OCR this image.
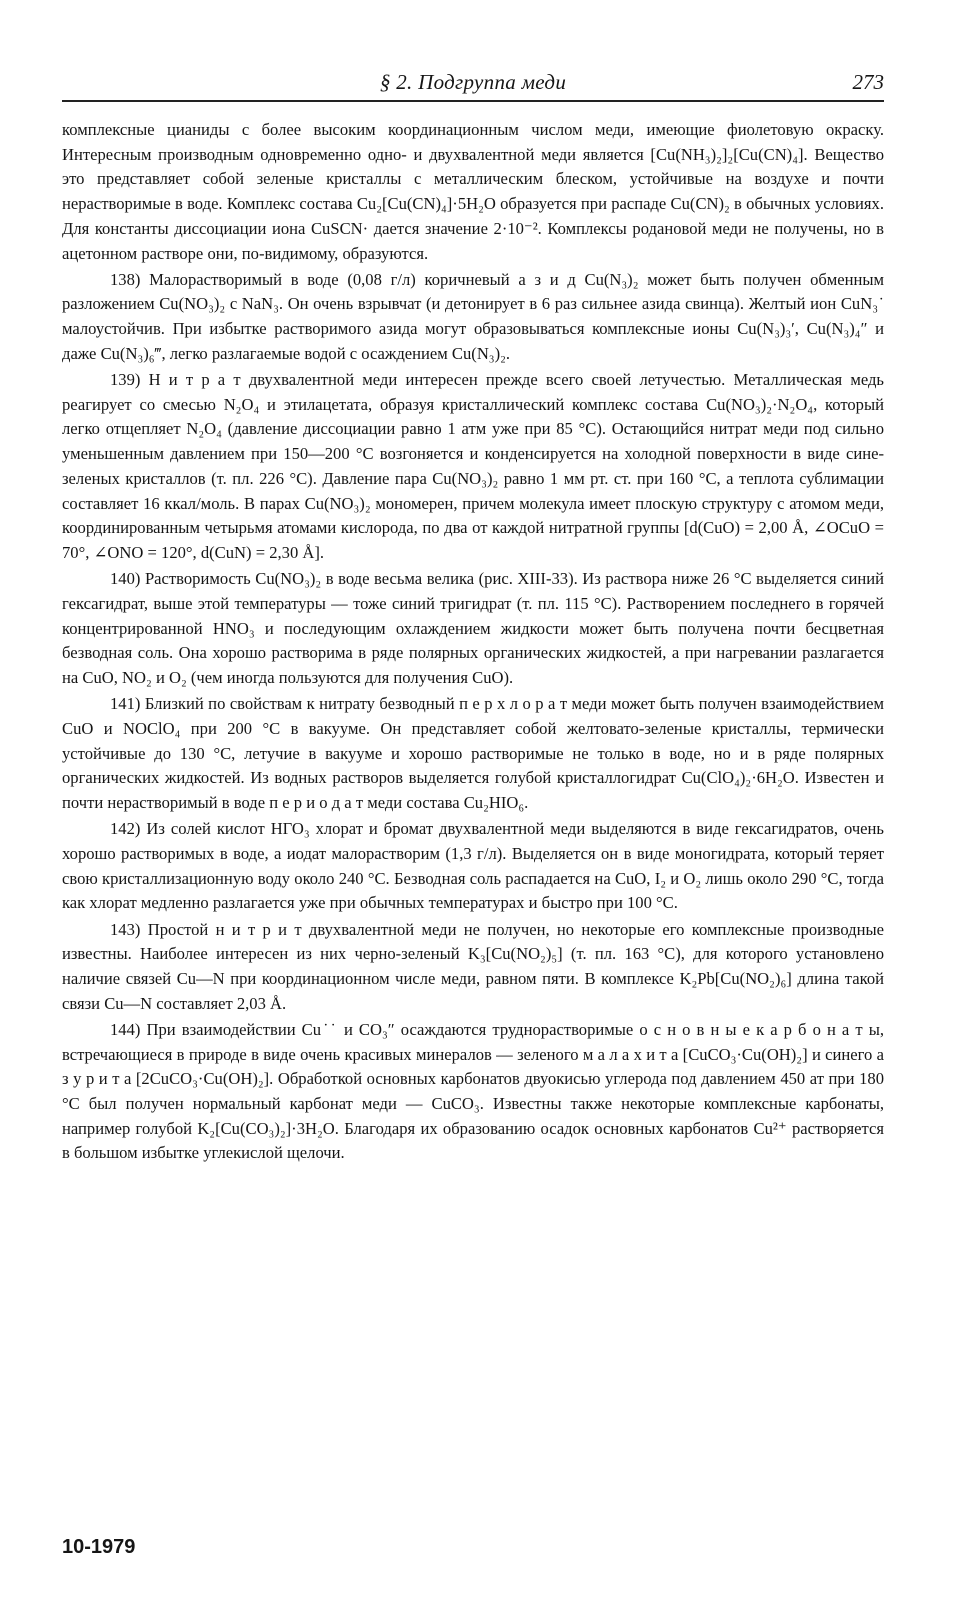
§ 2. Подгруппа меди	273

комплексные цианиды с более высоким координационным числом меди, имеющие фиолетовую окраску. Интересным производным одновременно одно- и двухвалентной меди является [Cu(NH₃)₂]₂[Cu(CN)₄]. Вещество это представляет собой зеленые кристаллы с металлическим блеском, устойчивые на воздухе и почти нерастворимые в воде. Комплекс состава Cu₂[Cu(CN)₄]·5H₂O образуется при распаде Cu(CN)₂ в обычных условиях. Для константы диссоциации иона CuSCN· дается значение 2·10⁻². Комплексы роданoвой меди не получены, но в ацетонном растворе они, по-видимому, образуются.

138) Малорастворимый в воде (0,08 г/л) коричневый а з и д Cu(N₃)₂ может быть получен обменным разложением Cu(NO₃)₂ с NaN₃. Он очень взрывчат (и детонирует в 6 раз сильнее азида свинца). Желтый ион CuN₃˙ малоустойчив. При избытке растворимого азида могут образовываться комплексные ионы Cu(N₃)₃′, Cu(N₃)₄″ и даже Cu(N₃)₆‴, легко разлагаемые водой с осаждением Cu(N₃)₂.

139) Н и т р а т двухвалентной меди интересен прежде всего своей летучестью. Металлическая медь реагирует со смесью N₂O₄ и этилацетата, образуя кристаллический комплекс состава Cu(NO₃)₂·N₂O₄, который легко отщепляет N₂O₄ (давление диссоциации равно 1 атм уже при 85 °C). Остающийся нитрат меди под сильно уменьшенным давлением при 150—200 °C возгоняется и конденсируется на холодной поверхности в виде сине-зеленых кристаллов (т. пл. 226 °C). Давление пара Cu(NO₃)₂ равно 1 мм рт. ст. при 160 °C, а теплота сублимации составляет 16 ккал/моль. В парах Cu(NO₃)₂ мономерен, причем молекула имеет плоскую структуру с атомом меди, координированным четырьмя атомами кислорода, по два от каждой нитратной группы [d(CuO) = 2,00 Å, ∠OCuO = 70°, ∠ONO = 120°, d(CuN) = 2,30 Å].

140) Растворимость Cu(NO₃)₂ в воде весьма велика (рис. XIII-33). Из раствора ниже 26 °C выделяется синий гексагидрат, выше этой температуры — тоже синий тригидрат (т. пл. 115 °C). Растворением последнего в горячей концентрированной HNO₃ и последующим охлаждением жидкости может быть получена почти бесцветная безводная соль. Она хорошо растворима в ряде полярных органических жидкостей, а при нагревании разлагается на CuO, NO₂ и O₂ (чем иногда пользуются для получения CuO).

141) Близкий по свойствам к нитрату безводный п е р х л о р а т меди может быть получен взаимодействием CuO и NOClO₄ при 200 °C в вакууме. Он представляет собой желтовато-зеленые кристаллы, термически устойчивые до 130 °C, летучие в вакууме и хорошо растворимые не только в воде, но и в ряде полярных органических жидкостей. Из водных растворов выделяется голубой кристаллогидрат Cu(ClO₄)₂·6H₂O. Известен и почти нерастворимый в воде п е р и о д а т меди состава Cu₂HIO₆.

142) Из солей кислот НГО₃ хлорат и бромат двухвалентной меди выделяются в виде гексагидратов, очень хорошо растворимых в воде, а иодат малорастворим (1,3 г/л). Выделяется он в виде моногидрата, который теряет свою кристаллизационную воду около 240 °C. Безводная соль распадается на CuO, I₂ и O₂ лишь около 290 °C, тогда как хлорат медленно разлагается уже при обычных температурах и быстро при 100 °C.

143) Простой н и т р и т двухвалентной меди не получен, но некоторые его комплексные производные известны. Наиболее интересен из них черно-зеленый K₃[Cu(NO₂)₅] (т. пл. 163 °C), для которого установлено наличие связей Cu—N при координационном числе меди, равном пяти. В комплексе K₂Pb[Cu(NO₂)₆] длина такой связи Cu—N составляет 2,03 Å.

144) При взаимодействии Cu˙˙ и CO₃″ осаждаются труднорастворимые о с н о в н ы е к а р б о н а т ы, встречающиеся в природе в виде очень красивых минералов — зеленого м а л а х и т а [CuCO₃·Cu(OH)₂] и синего а з у р и т а [2CuCO₃·Cu(OH)₂]. Обработкой основных карбонатов двуокисью углерода под давлением 450 ат при 180 °C был получен нормальный карбонат меди — CuCO₃. Известны также некоторые комплексные карбонаты, например голубой K₂[Cu(CO₃)₂]·3H₂O. Благодаря их образованию осадок основных карбонатов Cu²⁺ растворяется в большом избытке углекислой щелочи.

10-1979
